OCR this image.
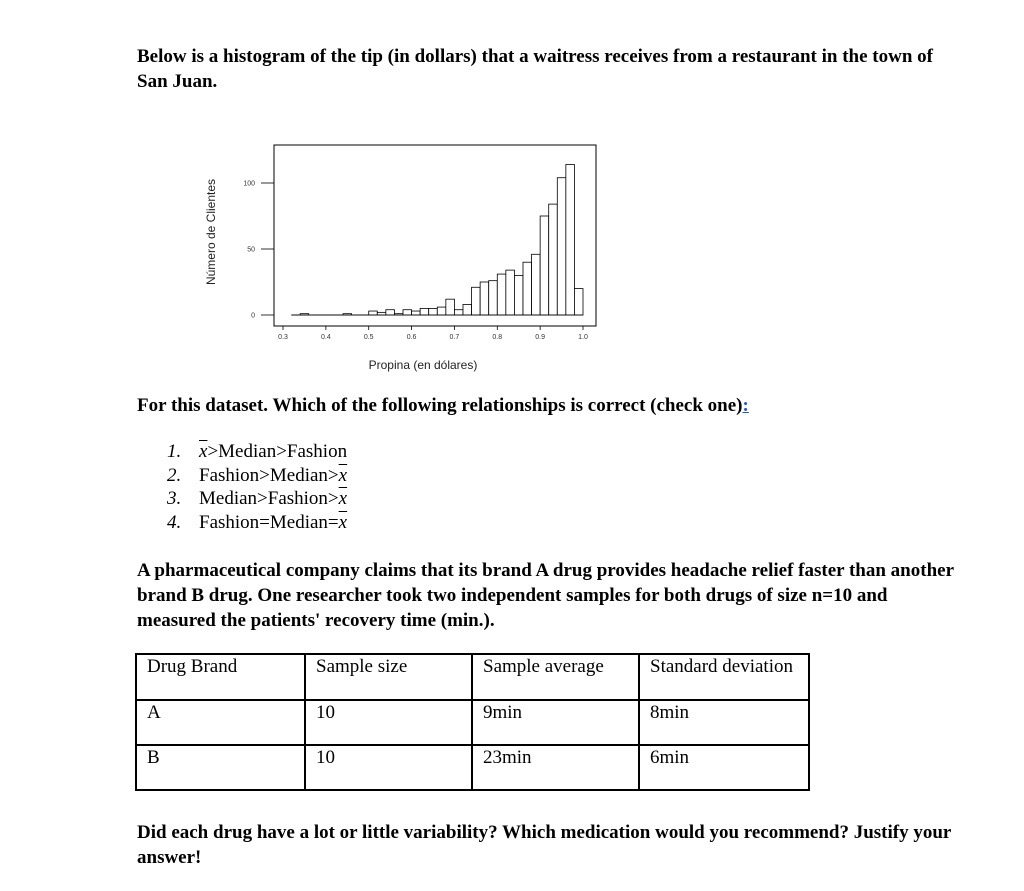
Below is a histogram of the tip (in dollars) that a waitress receives from a restaurant in the town of San Juan.

Número de Clientes
Propina (en dólares)
0.3	0.4	0.5	0.6	0.7	0.8	0.9	1.0
0
50
100

For this dataset. Which of the following relationships is correct (check one):

1. $\overline{x}>Median>Fashion$
2. $Fashion>Median>\overline{x}$
3. $Median>Fashion>\overline{x}$
4. $Fashion=Median=\overline{x}$

A pharmaceutical company claims that its brand A drug provides headache relief faster than another brand B drug. One researcher took two independent samples for both drugs of size n=10 and measured the patients' recovery time (min.).

Drug Brand	Sample size	Sample average	Standard deviation
A	10	9min	8min
B	10	23min	6min

Did each drug have a lot or little variability? Which medication would you recommend? Justify your answer!
